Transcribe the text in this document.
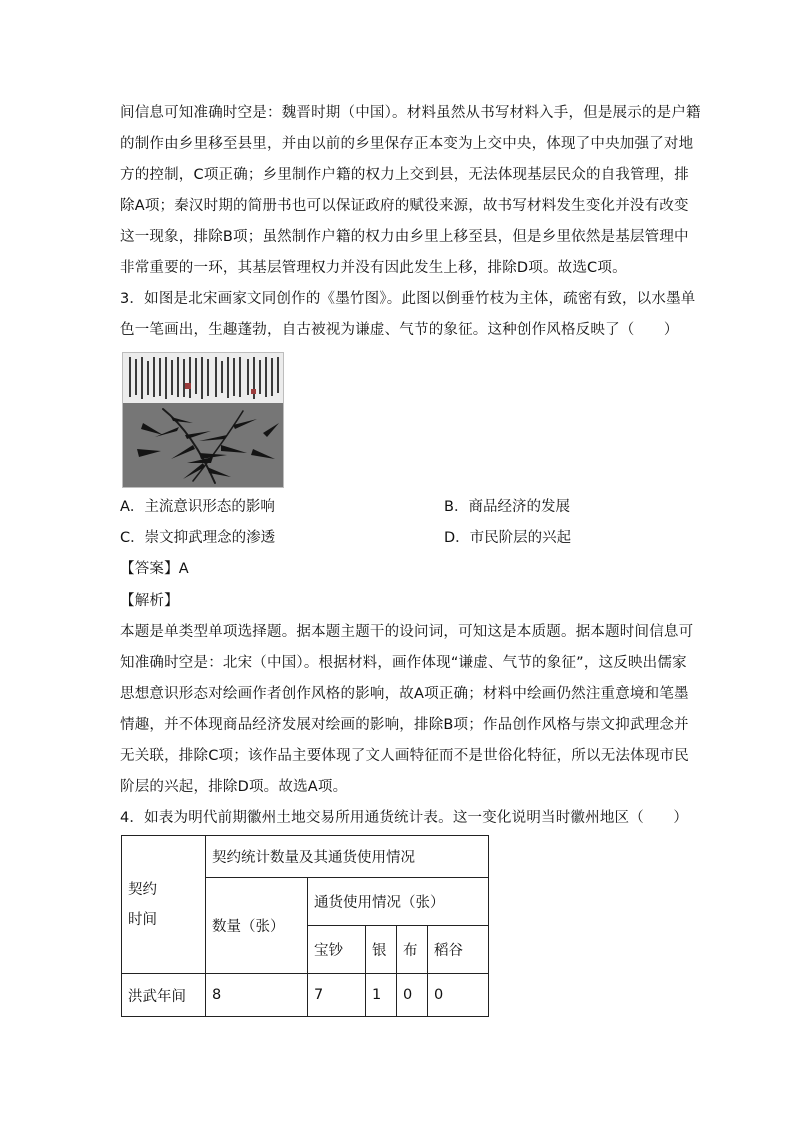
间信息可知准确时空是：魏晋时期（中国）。材料虽然从书写材料入手，但是展示的是户籍
的制作由乡里移至县里，并由以前的乡里保存正本变为上交中央，体现了中央加强了对地
方的控制，C项正确；乡里制作户籍的权力上交到县，无法体现基层民众的自我管理，排
除A项；秦汉时期的简册书也可以保证政府的赋役来源，故书写材料发生变化并没有改变
这一现象，排除B项；虽然制作户籍的权力由乡里上移至县，但是乡里依然是基层管理中
非常重要的一环，其基层管理权力并没有因此发生上移，排除D项。故选C项。
3．如图是北宋画家文同创作的《墨竹图》。此图以倒垂竹枝为主体，疏密有致，以水墨单
色一笔画出，生趣蓬勃，自古被视为谦虚、气节的象征。这种创作风格反映了（　　）
A．主流意识形态的影响	B．商品经济的发展
C．崇文抑武理念的渗透	D．市民阶层的兴起
【答案】A
【解析】
本题是单类型单项选择题。据本题主题干的设问词，可知这是本质题。据本题时间信息可
知准确时空是：北宋（中国）。根据材料，画作体现“谦虚、气节的象征”，这反映出儒家
思想意识形态对绘画作者创作风格的影响，故A项正确；材料中绘画仍然注重意境和笔墨
情趣，并不体现商品经济发展对绘画的影响，排除B项；作品创作风格与崇文抑武理念并
无关联，排除C项；该作品主要体现了文人画特征而不是世俗化特征，所以无法体现市民
阶层的兴起，排除D项。故选A项。
4．如表为明代前期徽州土地交易所用通货统计表。这一变化说明当时徽州地区（　　）
契约
时间	契约统计数量及其通货使用情况				
	数量（张）	通货使用情况（张）			
		宝钞	银	布	稻谷
洪武年间	8	7	1	0	0
